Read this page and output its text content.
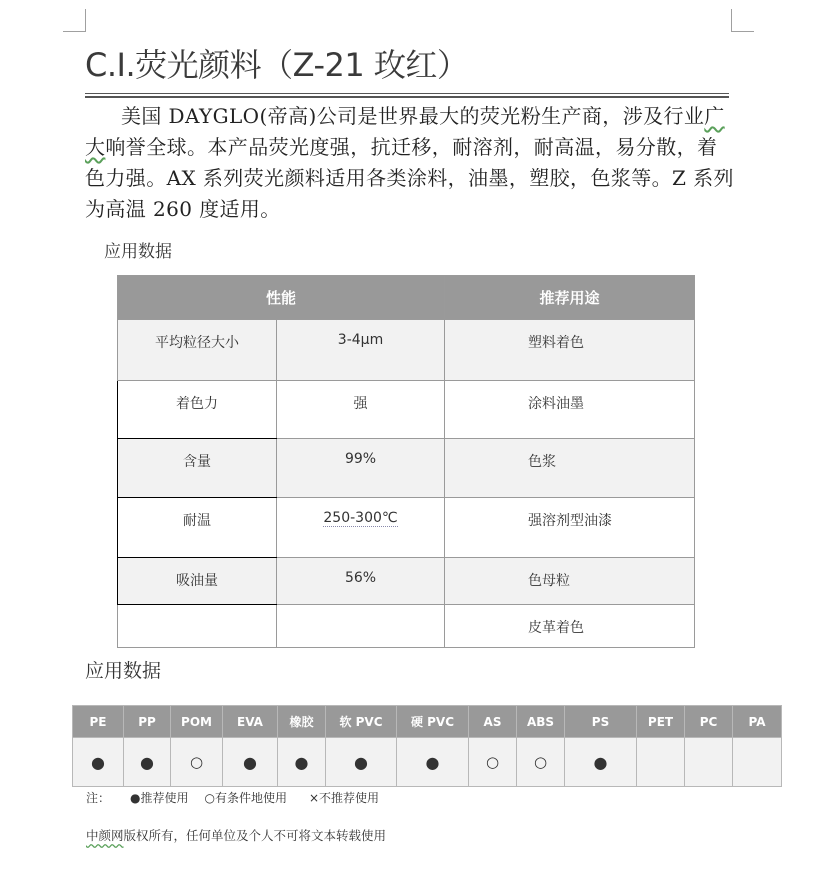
C.I.荧光颜料（Z-21 玫红）

美国 DAYGLO(帝高)公司是世界最大的荧光粉生产商，涉及行业广大响誉全球。本产品荧光度强，抗迁移，耐溶剂，耐高温，易分散，着色力强。AX 系列荧光颜料适用各类涂料，油墨，塑胶，色浆等。Z 系列为高温 260 度适用。

应用数据
性能		推荐用途
平均粒径大小	3-4μm	塑料着色
着色力	强	涂料油墨
含量	99%	色浆
耐温	250-300℃	强溶剂型油漆
吸油量	56%	色母粒
		皮革着色
应用数据
PE	PP	POM	EVA	橡胶	软 PVC	硬 PVC	AS	ABS	PS	PET	PC	PA
●	●	○	●	●	●	●	○	○	●			
注： ●推荐使用 ○有条件地使用 ×不推荐使用
中颜网版权所有，任何单位及个人不可将文本转载使用
